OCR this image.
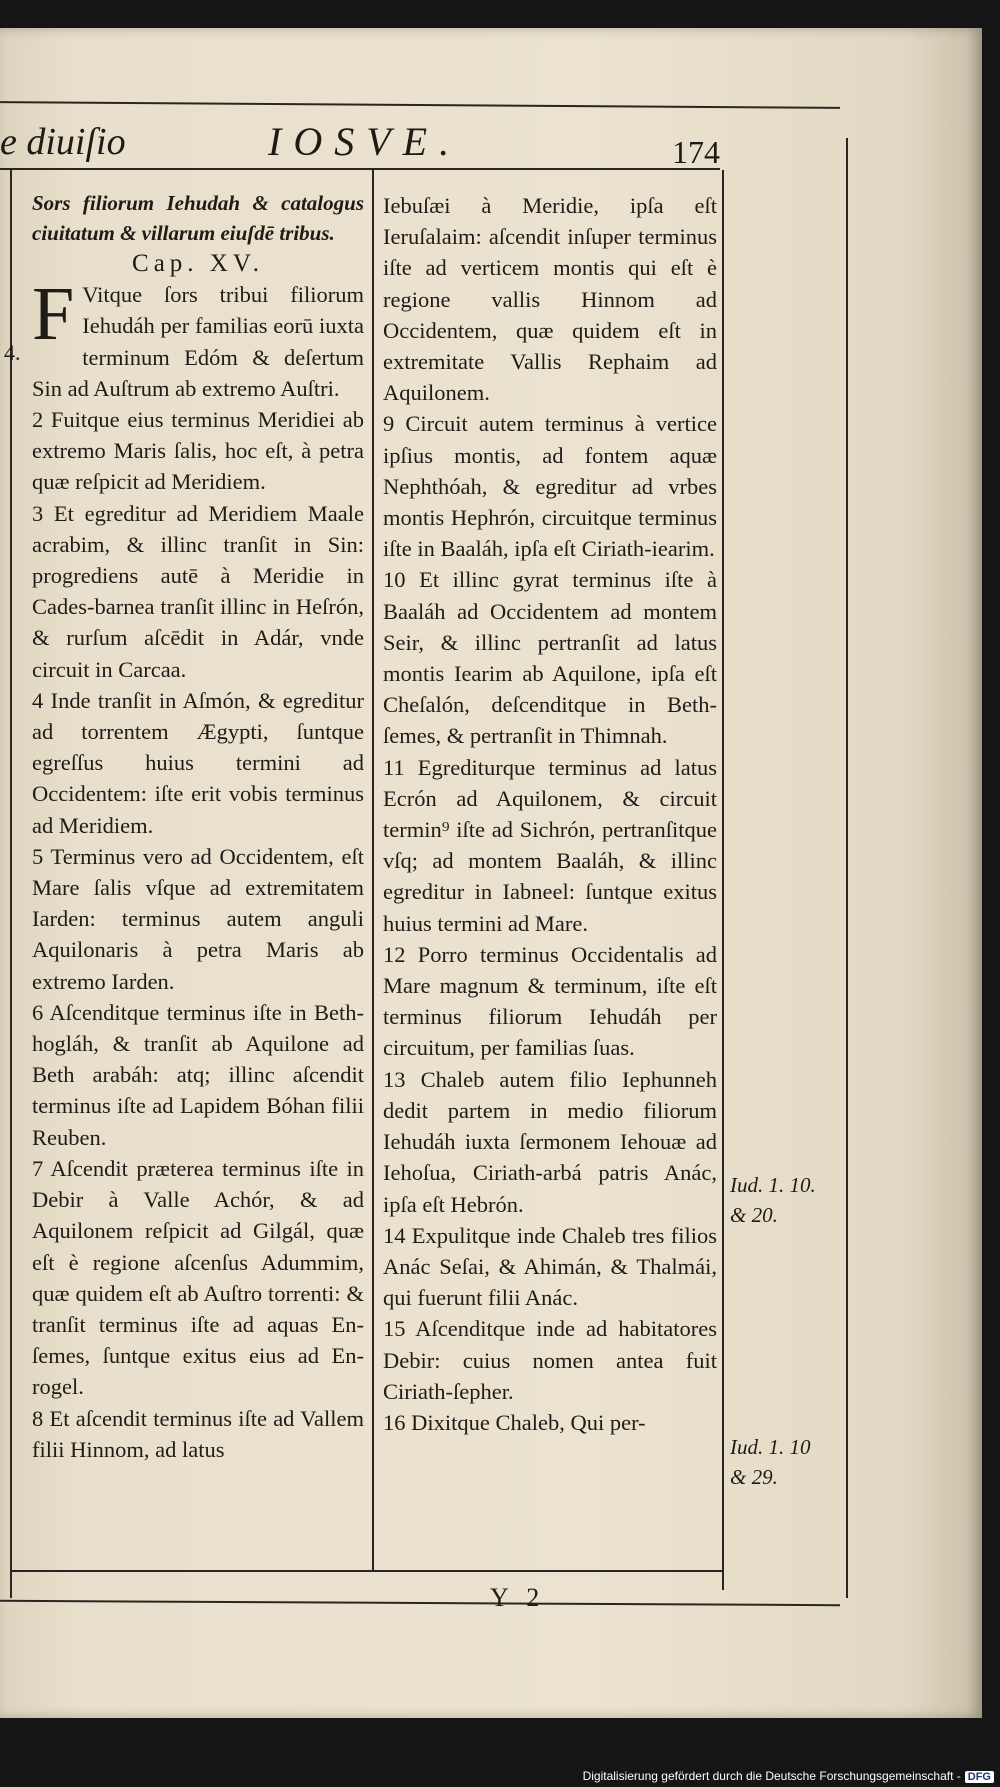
e diuiſio	IOSVE.	174
4.

Sors filiorum Iehudah & catalogus ciuitatum & villarum eiuſdē tribus.

Cap. XV.

F Vitque ſors tribui filiorum Iehudáh per familias eorū iuxta terminum Edóm & deſertum Sin ad Auſtrum ab extremo Auſtri.

2 Fuitque eius terminus Meridiei ab extremo Maris ſalis, hoc eſt, à petra quæ reſpicit ad Meridiem.

3 Et egreditur ad Meridiem Maale acrabim, & illinc tranſit in Sin: progrediens autē à Meridie in Cades-barnea tranſit illinc in Heſrón, & rurſum aſcēdit in Adár, vnde circuit in Carcaa.

4 Inde tranſit in Aſmón, & egreditur ad torrentem Ægypti, ſuntque egreſſus huius termini ad Occidentem: iſte erit vobis terminus ad Meridiem.

5 Terminus vero ad Occidentem, eſt Mare ſalis vſque ad extremitatem Iarden: terminus autem anguli Aquilonaris à petra Maris ab extremo Iarden.

6 Aſcenditque terminus iſte in Beth-hogláh, & tranſit ab Aquilone ad Beth arabáh: atq; illinc aſcendit terminus iſte ad Lapidem Bóhan filii Reuben.

7 Aſcendit præterea terminus iſte in Debir à Valle Achór, & ad Aquilonem reſpicit ad Gilgál, quæ eſt è regione aſcenſus Adummim, quæ quidem eſt ab Auſtro torrenti: & tranſit terminus iſte ad aquas En-ſemes, ſuntque exitus eius ad En-rogel.

8 Et aſcendit terminus iſte ad Vallem filii Hinnom, ad latus

Iebuſæi à Meridie, ipſa eſt Ieruſalaim: aſcendit inſuper terminus iſte ad verticem montis qui eſt è regione vallis Hinnom ad Occidentem, quæ quidem eſt in extremitate Vallis Rephaim ad Aquilonem.

9 Circuit autem terminus à vertice ipſius montis, ad fontem aquæ Nephthóah, & egreditur ad vrbes montis Hephrón, circuitque terminus iſte in Baaláh, ipſa eſt Ciriath-iearim.

10 Et illinc gyrat terminus iſte à Baaláh ad Occidentem ad montem Seir, & illinc pertranſit ad latus montis Iearim ab Aquilone, ipſa eſt Cheſalón, deſcenditque in Beth-ſemes, & pertranſit in Thimnah.

11 Egrediturque terminus ad latus Ecrón ad Aquilonem, & circuit termin⁹ iſte ad Sichrón, pertranſitque vſq; ad montem Baaláh, & illinc egreditur in Iabneel: ſuntque exitus huius termini ad Mare.

12 Porro terminus Occidentalis ad Mare magnum & terminum, iſte eſt terminus filiorum Iehudáh per circuitum, per familias ſuas.

13 Chaleb autem filio Iephunneh dedit partem in medio filiorum Iehudáh iuxta ſermonem Iehouæ ad Iehoſua, Ciriath-arbá patris Anác, ipſa eſt Hebrón.

14 Expulitque inde Chaleb tres filios Anác Seſai, & Ahimán, & Thalmái, qui fuerunt filii Anác.

15 Aſcenditque inde ad habitatores Debir: cuius nomen antea fuit Ciriath-ſepher.

16 Dixitque Chaleb, Qui per-

Iud. 1. 10. & 20.
Iud. 1. 10 & 29.
Y 2
Digitalisierung gefördert durch die Deutsche Forschungsgemeinschaft - DFG
